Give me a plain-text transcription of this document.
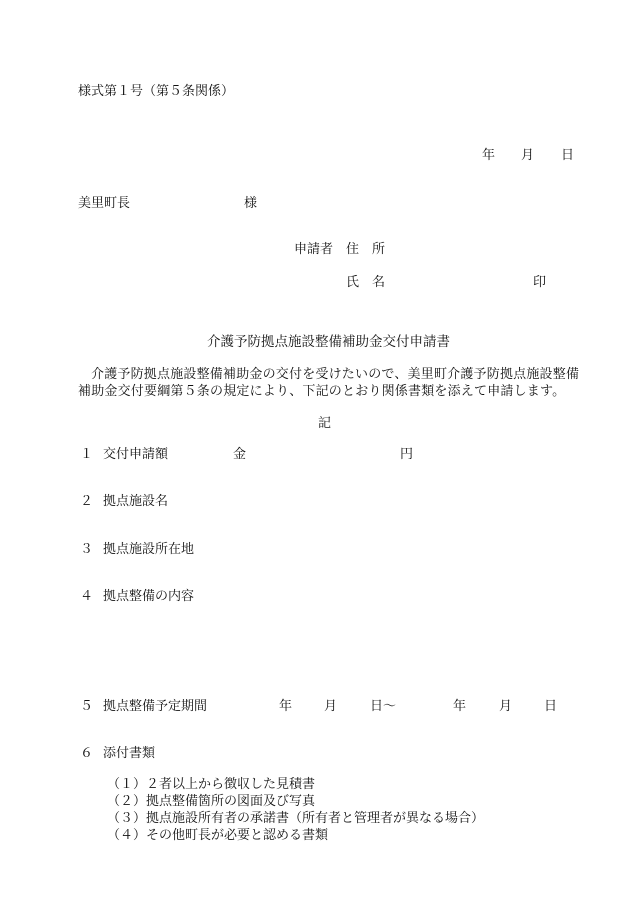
様式第１号（第５条関係）
年 月 日
美里町長	様
申請者 住　所
氏　名	印
介護予防拠点施設整備補助金交付申請書
介護予防拠点施設整備補助金の交付を受けたいので、美里町介護予防拠点施設整備
補助金交付要綱第５条の規定により、下記のとおり関係書類を添えて申請します。
記
１ 交付申請額	金	円
２ 拠点施設名
３ 拠点施設所在地
４ 拠点整備の内容
５ 拠点整備予定期間	年 月	日～	年	月 日
６ 添付書類
（１）２者以上から徴収した見積書
（２）拠点整備箇所の図面及び写真
（３）拠点施設所有者の承諾書（所有者と管理者が異なる場合）
（４）その他町長が必要と認める書類
